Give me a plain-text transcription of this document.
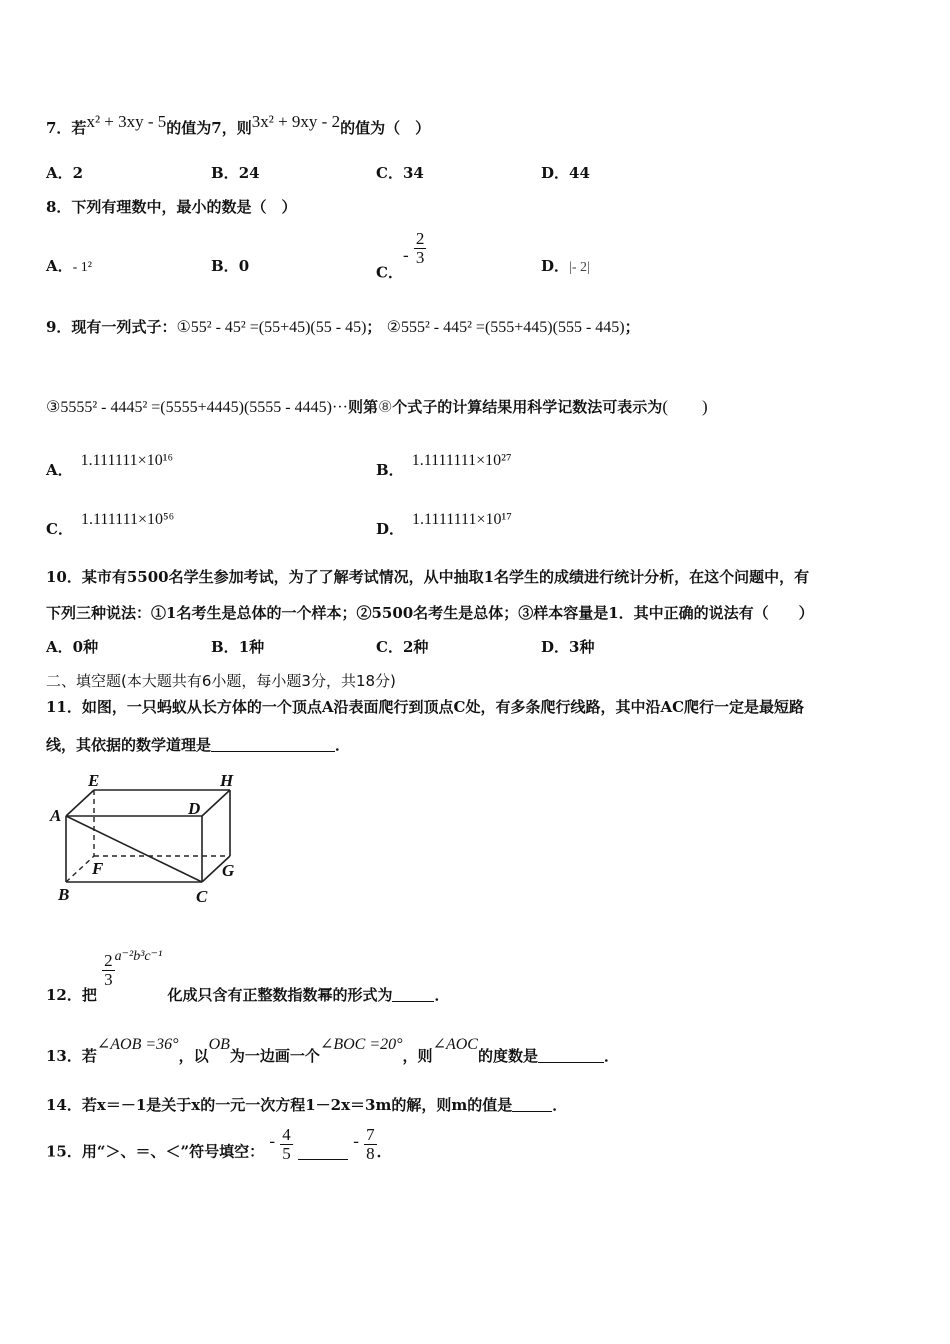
7．若x² + 3xy - 5的值为7，则3x² + 9xy - 2的值为（　）
A．2	B．24	C．34	D．44
8．下列有理数中，最小的数是（　）
A．- 1²	B．0	C．- $\frac{2}{3}$	D．|- 2|
9．现有一列式子：①55² - 45² =(55+45)(55 - 45)； ②555² - 445² =(555+445)(555 - 445)；
③5555² - 4445² =(5555+4445)(5555 - 4445)···则第⑧个式子的计算结果用科学记数法可表示为(　　)
A．1.111111×10¹⁶
B．1.1111111×10²⁷
C．1.111111×10⁵⁶
D．1.1111111×10¹⁷
10．某市有5500名学生参加考试，为了了解考试情况，从中抽取1名学生的成绩进行统计分析，在这个问题中，有
下列三种说法：①1名考生是总体的一个样本；②5500名考生是总体；③样本容量是1．其中正确的说法有（　　）
A．0种	B．1种	C．2种	D．3种
二、填空题(本大题共有6小题，每小题3分，共18分)
11．如图，一只蚂蚁从长方体的一个顶点A沿表面爬行到顶点C处，有多条爬行线路，其中沿AC爬行一定是最短路
线，其依据的数学道理是	．
E	H
A	D
F	G
B	C
12．把
$\frac{2}{3} a^{-2}b^3c^{-1}$ 化成只含有正整数指数幂的形式为	．
13．若∠AOB =36°，以OB为一边画一个∠BOC =20°，则∠AOC的度数是	．
14．若x＝－1是关于x的一元一次方程1－2x＝3m的解，则m的值是	．
15．用“＞、＝、＜”符号填空： - $\frac{4}{5}$	- $\frac{7}{8}$ ．
